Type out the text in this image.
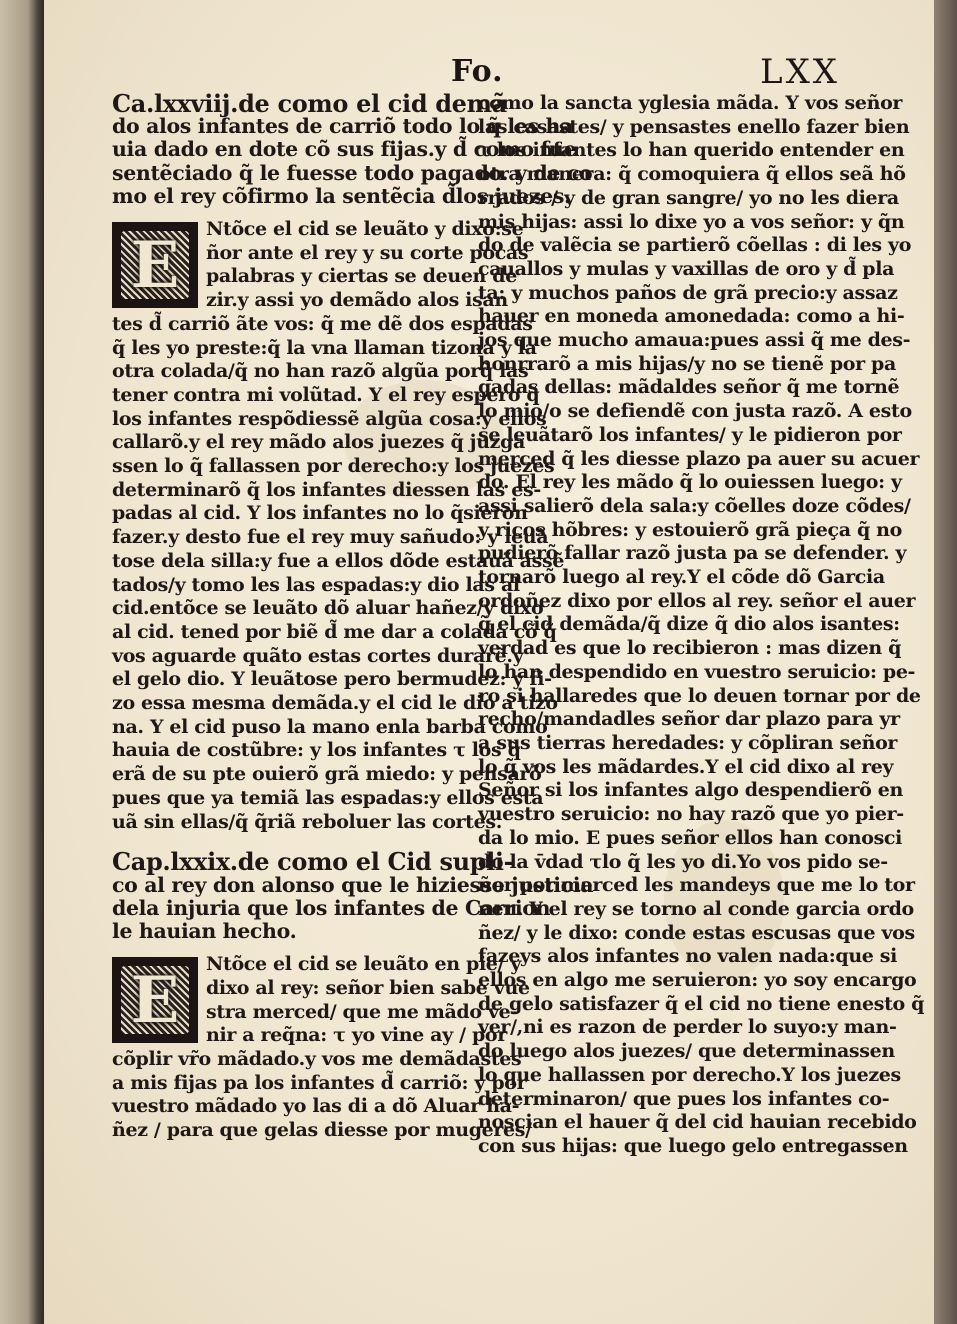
Fo.	LXX
Ca.lxxviij.de como el cid demã
do alos infantes de carriõ todo lo q̃ les ha
uia dado en dote cõ sus fijas.y d̃ como fue
sentẽciado q̃ le fuesse todo pagado. y de co
mo el rey cõfirmo la sentẽcia d̃los juezes.
E	Ntõce el cid se leuãto y dixo:se
ñor ante el rey y su corte pocas
palabras y ciertas se deuen de
zir.y assi yo demãdo alos isan
tes d̃ carriõ ãte vos: q̃ me dẽ dos espadas
q̃ les yo preste:q̃ la vna llaman tizona y la
otra colada/q̃ no han razõ algũa porq̃ las
tener contra mi volũtad. Y el rey espero q̃
los infantes respõdiessẽ algũa cosa:y ellos
callarõ.y el rey mãdo alos juezes q̃ juzga
ssen lo q̃ fallassen por derecho:y los juezes
determinarõ q̃ los infantes diessen las es-
padas al cid. Y los infantes no lo q̃sieron
fazer.y desto fue el rey muy sañudo: y leuã
tose dela silla:y fue a ellos dõde estauã assẽ
tados/y tomo les las espadas:y dio las al
cid.entõce se leuãto dõ aluar hañez/y dixo
al cid. tened por biẽ d̃ me dar a colada cõ q̃
vos aguarde quãto estas cortes durarẽ.y
el gelo dio. Y leuãtose pero bermudez: y fi-
zo essa mesma demãda.y el cid le dio a tizo
na. Y el cid puso la mano enla barba como
hauia de costũbre: y los infantes τ los q̃
erã de su pte ouierõ grã miedo: y pensarõ
pues que ya temiã las espadas:y ellos esta
uã sin ellas/q̃ q̃riã reboluer las cortes.
Cap.lxxix.de como el Cid supli-
co al rey don alonso que le hiziesse justicia
dela injuria que los infantes de Carrion
le hauian hecho.
E	Ntõce el cid se leuãto en pie/ y
dixo al rey: señor bien sabe vue
stra merced/ que me mãdo ve-
nir a req̃na: τ yo vine ay / por
cõplir vr̃o mãdado.y vos me demãdastes
a mis fijas pa los infantes d̃ carriõ: y por
vuestro mãdado yo las di a dõ Aluar ha-
ñez / para que gelas diesse por mugeres/
como la sancta yglesia mãda. Y vos señor
las casastes/ y pensastes enello fazer bien
τ los infantes lo han querido entender en
otra manera: q̃ comoquiera q̃ ellos seã hõ
rrados / y de gran sangre/ yo no les diera
mis hijas: assi lo dixe yo a vos señor: y q̃n
do de valẽcia se partierõ cõellas : di les yo
cauallos y mulas y vaxillas de oro y d̃ pla
ta: y muchos paños de grã precio:y assaz
hauer en moneda amonedada: como a hi-
jos que mucho amaua:pues assi q̃ me des-
honrrarõ a mis hijas/y no se tienẽ por pa
gadas dellas: mãdaldes señor q̃ me tornẽ
lo mio/o se defiendẽ con justa razõ. A esto
se leuãtarõ los infantes/ y le pidieron por
merced q̃ les diesse plazo pa auer su acuer
do. El rey les mãdo q̃ lo ouiessen luego: y
assi salierõ dela sala:y cõelles doze cõdes/
y ricos hõbres: y estouierõ grã pieça q̃ no
pudierõ fallar razõ justa pa se defender. y
tornarõ luego al rey.Y el cõde dõ Garcia
ordoñez dixo por ellos al rey. señor el auer
q̃ el cid demãda/q̃ dize q̃ dio alos isantes:
verdad es que lo recibieron : mas dizen q̃
lo han despendido en vuestro seruicio: pe-
ro si hallaredes que lo deuen tornar por de
recho/mandadles señor dar plazo para yr
a sus tierras heredades: y cõpliran señor
lo q̃ vos les mãdardes.Y el cid dixo al rey
Señor si los infantes algo despendierõ en
vuestro seruicio: no hay razõ que yo pier-
da lo mio. E pues señor ellos han conosci
do la v̄dad τlo q̃ les yo di.Yo vos pido se-
ñor por merced les mandeys que me lo tor
nen. Y el rey se torno al conde garcia ordo
ñez/ y le dixo: conde estas escusas que vos
fazeys alos infantes no valen nada:que si
ellos en algo me seruieron: yo soy encargo
de gelo satisfazer q̃ el cid no tiene enesto q̃
ver/,ni es razon de perder lo suyo:y man-
do luego alos juezes/ que determinassen
lo que hallassen por derecho.Y los juezes
determinaron/ que pues los infantes co-
noscian el hauer q̃ del cid hauian recebido
con sus hijas: que luego gelo entregassen
